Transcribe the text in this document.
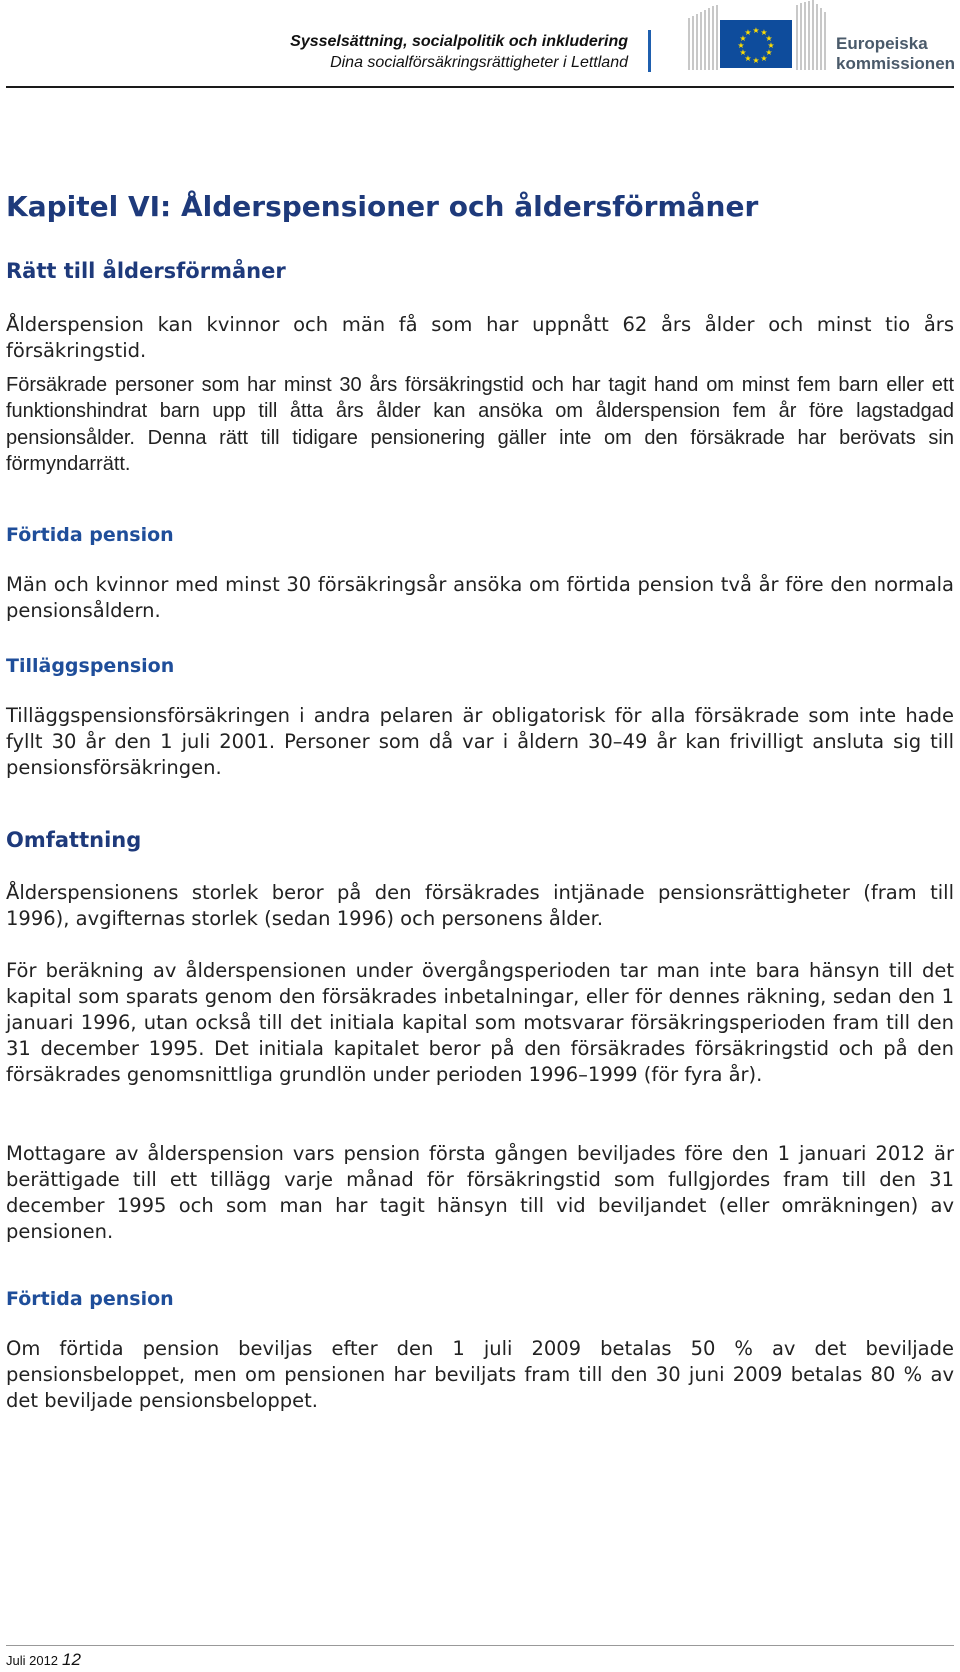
Sysselsättning, socialpolitik och inkludering
Dina socialförsäkringsrättigheter i Lettland
★ ★
★
★
★
★
★
★
★
★
★
★
Europeiska
kommissionen
Kapitel VI: Ålderspensioner och åldersförmåner
Rätt till åldersförmåner
Ålderspension kan kvinnor och män få som har uppnått 62 års ålder och minst tio års försäkringstid.
Försäkrade personer som har minst 30 års försäkringstid och har tagit hand om minst fem barn eller ett funktionshindrat barn upp till åtta års ålder kan ansöka om ålderspension fem år före lagstadgad pensionsålder. Denna rätt till tidigare pensionering gäller inte om den försäkrade har berövats sin förmyndarrätt.
Förtida pension
Män och kvinnor med minst 30 försäkringsår ansöka om förtida pension två år före den normala pensionsåldern.
Tilläggspension
Tilläggspensionsförsäkringen i andra pelaren är obligatorisk för alla försäkrade som inte hade fyllt 30 år den 1 juli 2001. Personer som då var i åldern 30–49 år kan frivilligt ansluta sig till pensionsförsäkringen.
Omfattning
Ålderspensionens storlek beror på den försäkrades intjänade pensionsrättigheter (fram till 1996), avgifternas storlek (sedan 1996) och personens ålder.
För beräkning av ålderspensionen under övergångsperioden tar man inte bara hänsyn till det kapital som sparats genom den försäkrades inbetalningar, eller för dennes räkning, sedan den 1 januari 1996, utan också till det initiala kapital som motsvarar försäkringsperioden fram till den 31 december 1995. Det initiala kapitalet beror på den försäkrades försäkringstid och på den försäkrades genomsnittliga grundlön under perioden 1996–1999 (för fyra år).
Mottagare av ålderspension vars pension första gången beviljades före den 1 januari 2012 är berättigade till ett tillägg varje månad för försäkringstid som fullgjordes fram till den 31 december 1995 och som man har tagit hänsyn till vid beviljandet (eller omräkningen) av pensionen.
Förtida pension
Om förtida pension beviljas efter den 1 juli 2009 betalas 50 % av det beviljade pensionsbeloppet, men om pensionen har beviljats fram till den 30 juni 2009 betalas 80 % av det beviljade pensionsbeloppet.
Juli 2012 12
